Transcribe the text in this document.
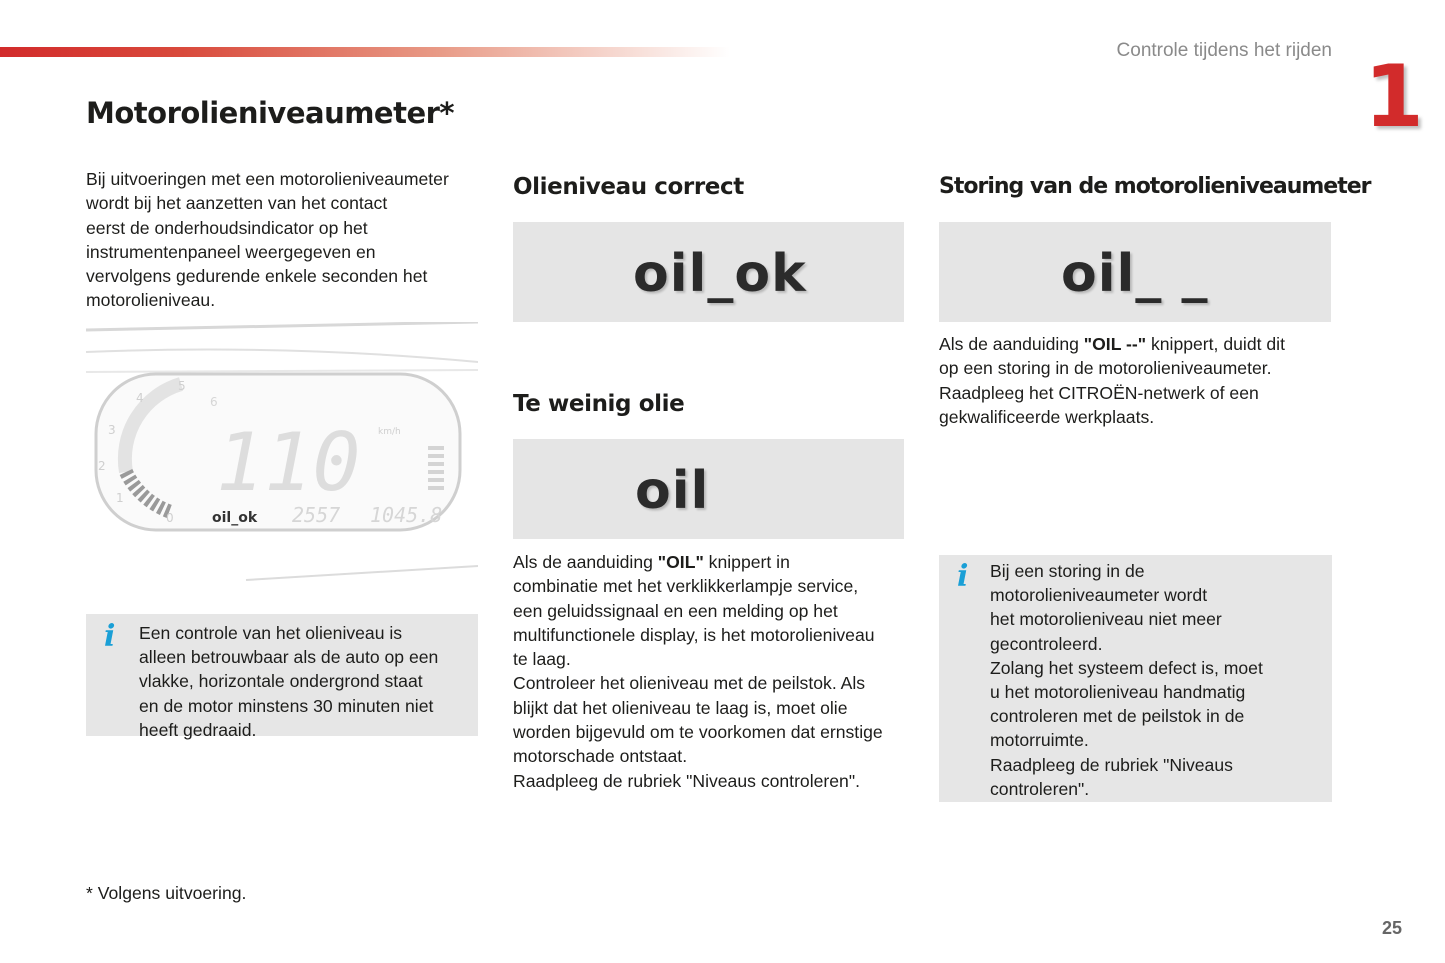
Controle tijdens het rijden 1
Motorolieniveaumeter*

Bij uitvoeringen met een motorolieniveaumeter
wordt bij het aanzetten van het contact
eerst de onderhoudsindicator op het
instrumentenpaneel weergegeven en
vervolgens gedurende enkele seconden het
motorolieniveau.

5
4
3
2
1
0
6
110 km/h
oil_ok 2557 1045.8
i Een controle van het olieniveau is
alleen betrouwbaar als de auto op een
vlakke, horizontale ondergrond staat
en de motor minstens 30 minuten niet
heeft gedraaid.
Olieniveau correct
oil_ok
Te weinig olie
oil

Als de aanduiding "OIL" knippert in
combinatie met het verklikkerlampje service,
een geluidssignaal en een melding op het
multifunctionele display, is het motorolieniveau
te laag.
Controleer het olieniveau met de peilstok. Als
blijkt dat het olieniveau te laag is, moet olie
worden bijgevuld om te voorkomen dat ernstige
motorschade ontstaat.
Raadpleeg de rubriek "Niveaus controleren".

Storing van de motorolieniveaumeter
oil_ _

Als de aanduiding "OIL --" knippert, duidt dit
op een storing in de motorolieniveaumeter.
Raadpleeg het CITROËN-netwerk of een
gekwalificeerde werkplaats.

i Bij een storing in de
motorolieniveaumeter wordt
het motorolieniveau niet meer
gecontroleerd.
Zolang het systeem defect is, moet
u het motorolieniveau handmatig
controleren met de peilstok in de
motorruimte.
Raadpleeg de rubriek "Niveaus
controleren".
* Volgens uitvoering.
25
